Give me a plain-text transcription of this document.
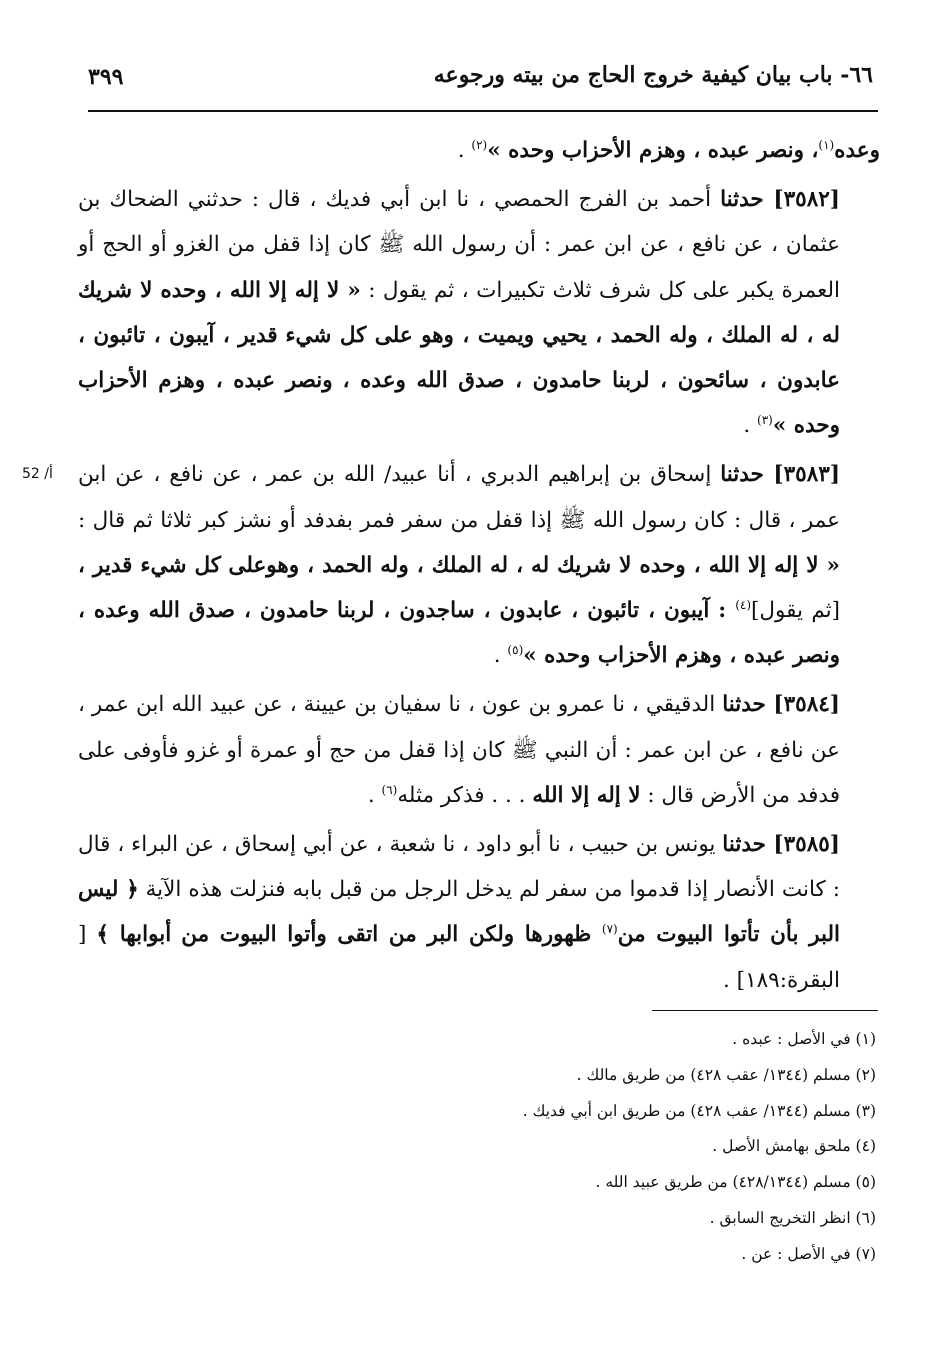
٣٩٩	٦٦- باب بيان كيفية خروج الحاج من بيته ورجوعه
52 /أ

وعده$^{(١)}$، ونصر عبده ، وهزم الأحزاب وحده »$^{(٢)}$ .

[٣٥٨٢] حدثنا أحمد بن الفرج الحمصي ، نا ابن أبي فديك ، قال : حدثني الضحاك بن عثمان ، عن نافع ، عن ابن عمر : أن رسول الله ﷺ كان إذا قفل من الغزو أو الحج أو العمرة يكبر على كل شرف ثلاث تكبيرات ، ثم يقول : « لا إله إلا الله ، وحده لا شريك له ، له الملك ، وله الحمد ، يحيي ويميت ، وهو على كل شيء قدير ، آيبون ، تائبون ، عابدون ، سائحون ، لربنا حامدون ، صدق الله وعده ، ونصر عبده ، وهزم الأحزاب وحده »$^{(٣)}$ .

[٣٥٨٣] حدثنا إسحاق بن إبراهيم الدبري ، أنا عبيد/ الله بن عمر ، عن نافع ، عن ابن عمر ، قال : كان رسول الله ﷺ إذا قفل من سفر فمر بفدفد أو نشز كبر ثلاثا ثم قال : « لا إله إلا الله ، وحده لا شريك له ، له الملك ، وله الحمد ، وهوعلى كل شيء قدير ، [ثم يقول]$^{(٤)}$ : آيبون ، تائبون ، عابدون ، ساجدون ، لربنا حامدون ، صدق الله وعده ، ونصر عبده ، وهزم الأحزاب وحده »$^{(٥)}$ .

[٣٥٨٤] حدثنا الدقيقي ، نا عمرو بن عون ، نا سفيان بن عيينة ، عن عبيد الله ابن عمر ، عن نافع ، عن ابن عمر : أن النبي ﷺ كان إذا قفل من حج أو عمرة أو غزو فأوفى على فدفد من الأرض قال : لا إله إلا الله . . . فذكر مثله$^{(٦)}$ .

[٣٥٨٥] حدثنا يونس بن حبيب ، نا أبو داود ، نا شعبة ، عن أبي إسحاق ، عن البراء ، قال : كانت الأنصار إذا قدموا من سفر لم يدخل الرجل من قبل بابه فنزلت هذه الآية ﴿ ليس البر بأن تأتوا البيوت من$^{(٧)}$ ظهورها ولكن البر من اتقى وأتوا البيوت من أبوابها ﴾ [ البقرة:١٨٩] .

(١) في الأصل : عبده .
(٢) مسلم (١٣٤٤/ عقب ٤٢٨) من طريق مالك .
(٣) مسلم (١٣٤٤/ عقب ٤٢٨) من طريق ابن أبي فديك .
(٤) ملحق بهامش الأصل .
(٥) مسلم (٤٢٨/١٣٤٤) من طريق عبيد الله .
(٦) انظر التخريج السابق .
(٧) في الأصل : عن .
